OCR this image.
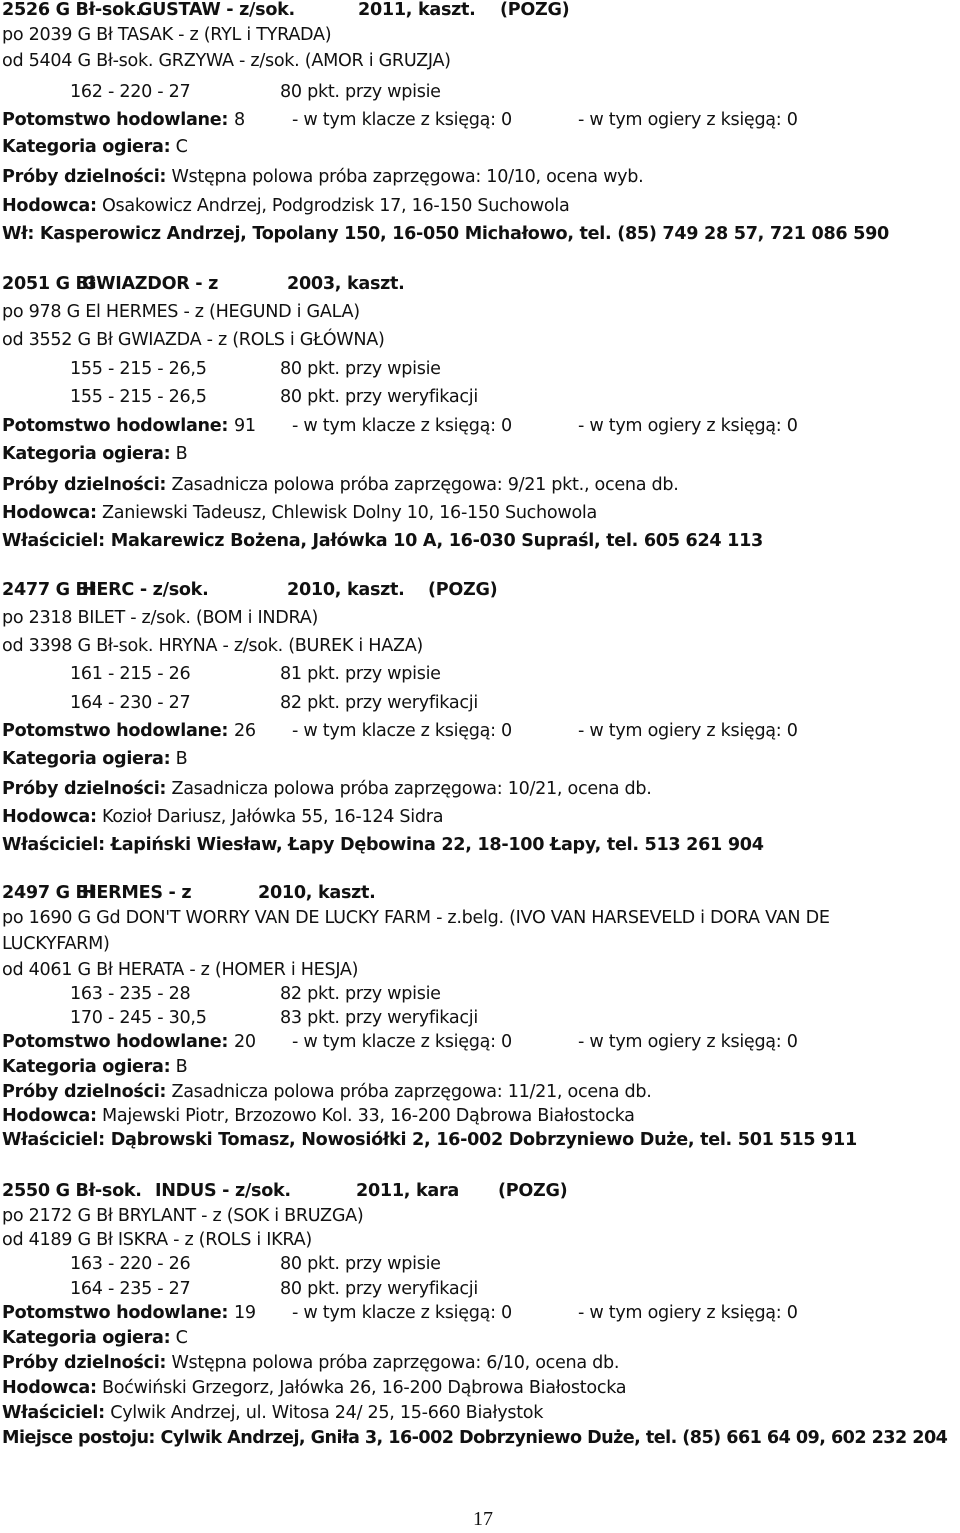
2526 G Bł-sok.
GUSTAW - z/sok.	2011, kaszt. (POZG)
po 2039 G Bł TASAK - z (RYL i TYRADA)
od 5404 G Bł-sok. GRZYWA - z/sok. (AMOR i GRUZJA)
162 - 220 - 27	80 pkt. przy wpisie
Potomstwo hodowlane: 8	- w tym klacze z księgą: 0	- w tym ogiery z księgą: 0
Kategoria ogiera: C
Próby dzielności: Wstępna polowa próba zaprzęgowa: 10/10, ocena wyb.
Hodowca: Osakowicz Andrzej, Podgrodzisk 17, 16-150 Suchowola
Wł: Kasperowicz Andrzej, Topolany 150, 16-050 Michałowo, tel. (85) 749 28 57, 721 086 590
2051 G Bł
GWIAZDOR - z	2003, kaszt.
po 978 G El HERMES - z (HEGUND i GALA)
od 3552 G Bł GWIAZDA - z (ROLS i GŁÓWNA)
155 - 215 - 26,5	80 pkt. przy wpisie
155 - 215 - 26,5	80 pkt. przy weryfikacji
Potomstwo hodowlane: 91 - w tym klacze z księgą: 0	- w tym ogiery z księgą: 0
Kategoria ogiera: B
Próby dzielności: Zasadnicza polowa próba zaprzęgowa: 9/21 pkt., ocena db.
Hodowca: Zaniewski Tadeusz, Chlewisk Dolny 10, 16-150 Suchowola
Właściciel: Makarewicz Bożena, Jałówka 10 A, 16-030 Supraśl, tel. 605 624 113
2477 G Bł
HERC - z/sok.	2010, kaszt. (POZG)
po 2318 BILET - z/sok. (BOM i INDRA)
od 3398 G Bł-sok. HRYNA - z/sok. (BUREK i HAZA)
161 - 215 - 26	81 pkt. przy wpisie
164 - 230 - 27	82 pkt. przy weryfikacji
Potomstwo hodowlane: 26 - w tym klacze z księgą: 0	- w tym ogiery z księgą: 0
Kategoria ogiera: B
Próby dzielności: Zasadnicza polowa próba zaprzęgowa: 10/21, ocena db.
Hodowca: Kozioł Dariusz, Jałówka 55, 16-124 Sidra
Właściciel: Łapiński Wiesław, Łapy Dębowina 22, 18-100 Łapy, tel. 513 261 904
2497 G Bł
HERMES - z	2010, kaszt.
po 1690 G Gd DON'T WORRY VAN DE LUCKY FARM - z.belg. (IVO VAN HARSEVELD i DORA VAN DE
LUCKYFARM)
od 4061 G Bł HERATA - z (HOMER i HESJA)
163 - 235 - 28	82 pkt. przy wpisie
170 - 245 - 30,5	83 pkt. przy weryfikacji
Potomstwo hodowlane: 20 - w tym klacze z księgą: 0	- w tym ogiery z księgą: 0
Kategoria ogiera: B
Próby dzielności: Zasadnicza polowa próba zaprzęgowa: 11/21, ocena db.
Hodowca: Majewski Piotr, Brzozowo Kol. 33, 16-200 Dąbrowa Białostocka
Właściciel: Dąbrowski Tomasz, Nowosiółki 2, 16-002 Dobrzyniewo Duże, tel. 501 515 911
2550 G Bł-sok. INDUS - z/sok.	2011, kara (POZG)
po 2172 G Bł BRYLANT - z (SOK i BRUZGA)
od 4189 G Bł ISKRA - z (ROLS i IKRA)
163 - 220 - 26	80 pkt. przy wpisie
164 - 235 - 27	80 pkt. przy weryfikacji
Potomstwo hodowlane: 19 - w tym klacze z księgą: 0	- w tym ogiery z księgą: 0
Kategoria ogiera: C
Próby dzielności: Wstępna polowa próba zaprzęgowa: 6/10, ocena db.
Hodowca: Boćwiński Grzegorz, Jałówka 26, 16-200 Dąbrowa Białostocka
Właściciel: Cylwik Andrzej, ul. Witosa 24/ 25, 15-660 Białystok
Miejsce postoju: Cylwik Andrzej, Gniła 3, 16-002 Dobrzyniewo Duże, tel. (85) 661 64 09, 602 232 204
17
